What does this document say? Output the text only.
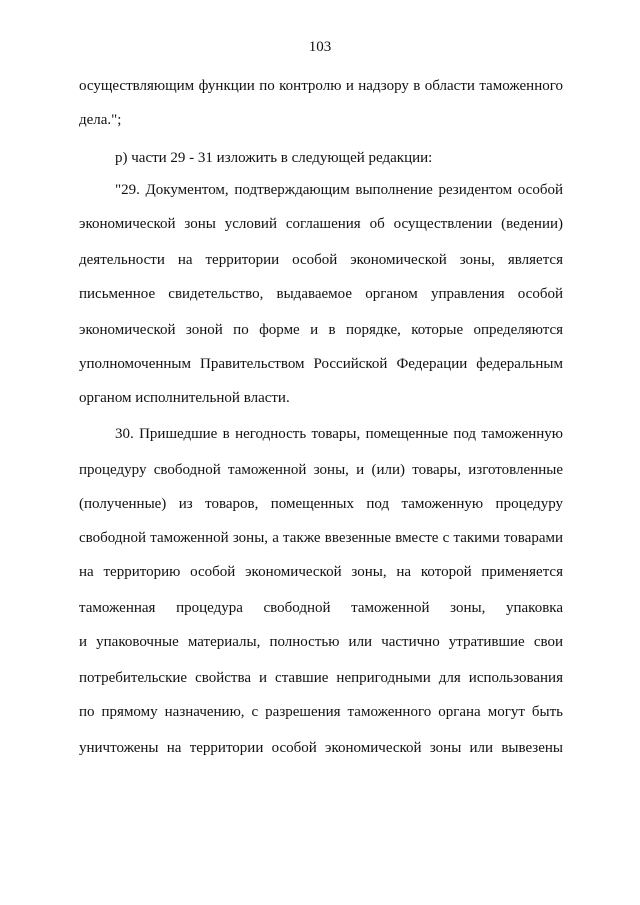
103
осуществляющим функции по контролю и надзору в области таможенного
дела.";
р) части 29 - 31 изложить в следующей редакции:
"29. Документом, подтверждающим выполнение резидентом особой
экономической зоны условий соглашения об осуществлении (ведении)
деятельности на территории особой экономической зоны, является
письменное свидетельство, выдаваемое органом управления особой
экономической зоной по форме и в порядке, которые определяются
уполномоченным Правительством Российской Федерации федеральным
органом исполнительной власти.
30. Пришедшие в негодность товары, помещенные под таможенную
процедуру свободной таможенной зоны, и (или) товары, изготовленные
(полученные) из товаров, помещенных под таможенную процедуру
свободной таможенной зоны, а также ввезенные вместе с такими товарами
на территорию особой экономической зоны, на которой применяется
таможенная процедура свободной таможенной зоны, упаковка
и упаковочные материалы, полностью или частично утратившие свои
потребительские свойства и ставшие непригодными для использования
по прямому назначению, с разрешения таможенного органа могут быть
уничтожены на территории особой экономической зоны или вывезены
